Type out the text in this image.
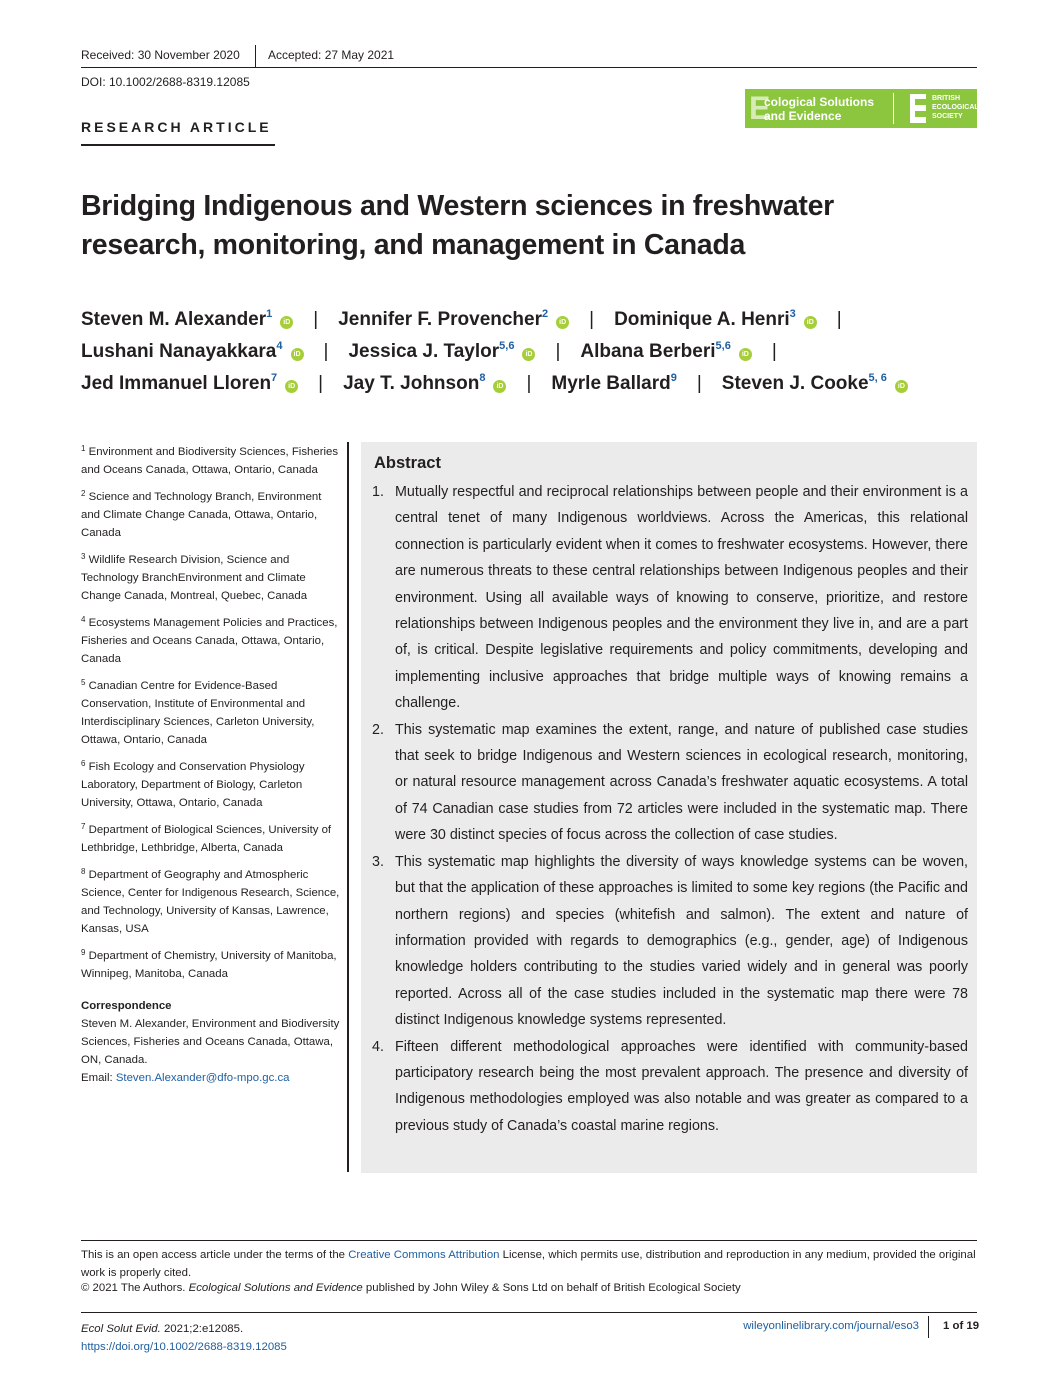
Received: 30 November 2020 Accepted: 27 May 2021
DOI: 10.1002/2688-8319.12085
RESEARCH ARTICLE
E
cological Solutions
and Evidence
BRITISH
ECOLOGICAL
SOCIETY
Bridging Indigenous and Western sciences in freshwater research, monitoring, and management in Canada
Steven M. Alexander$^1$iD | Jennifer F. Provencher$^2$iD | Dominique A. Henri$^3$iD |
Lushani Nanayakkara$^4$iD | Jessica J. Taylor$^{5,6}$iD | Albana Berberi$^{5,6}$iD |
Jed Immanuel Lloren$^7$iD | Jay T. Johnson$^8$iD | Myrle Ballard$^9$ | Steven J. Cooke$^{5, 6}$iD
$^1$ Environment and Biodiversity Sciences, Fisheries and Oceans Canada, Ottawa, Ontario, Canada
$^2$ Science and Technology Branch, Environment and Climate Change Canada, Ottawa, Ontario, Canada
$^3$ Wildlife Research Division, Science and Technology BranchEnvironment and Climate Change Canada, Montreal, Quebec, Canada
$^4$ Ecosystems Management Policies and Practices, Fisheries and Oceans Canada, Ottawa, Ontario, Canada
$^5$ Canadian Centre for Evidence-Based Conservation, Institute of Environmental and Interdisciplinary Sciences, Carleton University, Ottawa, Ontario, Canada
$^6$ Fish Ecology and Conservation Physiology Laboratory, Department of Biology, Carleton University, Ottawa, Ontario, Canada
$^7$ Department of Biological Sciences, University of Lethbridge, Lethbridge, Alberta, Canada
$^8$ Department of Geography and Atmospheric Science, Center for Indigenous Research, Science, and Technology, University of Kansas, Lawrence, Kansas, USA
$^9$ Department of Chemistry, University of Manitoba, Winnipeg, Manitoba, Canada
Correspondence
Steven M. Alexander, Environment and Biodiversity Sciences, Fisheries and Oceans Canada, Ottawa, ON, Canada.
Email: Steven.Alexander@dfo-mpo.gc.ca
Abstract
1. Mutually respectful and reciprocal relationships between people and their environment is a central tenet of many Indigenous worldviews. Across the Americas, this relational connection is particularly evident when it comes to freshwater ecosystems. However, there are numerous threats to these central relationships between Indigenous peoples and their environment. Using all available ways of knowing to conserve, prioritize, and restore relationships between Indigenous peoples and the environment they live in, and are a part of, is critical. Despite legislative requirements and policy commitments, developing and implementing inclusive approaches that bridge multiple ways of knowing remains a challenge.
2. This systematic map examines the extent, range, and nature of published case studies that seek to bridge Indigenous and Western sciences in ecological research, monitoring, or natural resource management across Canada’s freshwater aquatic ecosystems. A total of 74 Canadian case studies from 72 articles were included in the systematic map. There were 30 distinct species of focus across the collection of case studies.
3. This systematic map highlights the diversity of ways knowledge systems can be woven, but that the application of these approaches is limited to some key regions (the Pacific and northern regions) and species (whitefish and salmon). The extent and nature of information provided with regards to demographics (e.g., gender, age) of Indigenous knowledge holders contributing to the studies varied widely and in general was poorly reported. Across all of the case studies included in the systematic map there were 78 distinct Indigenous knowledge systems represented.
4. Fifteen different methodological approaches were identified with community-based participatory research being the most prevalent approach. The presence and diversity of Indigenous methodologies employed was also notable and was greater as compared to a previous study of Canada’s coastal marine regions.
This is an open access article under the terms of the Creative Commons Attribution License, which permits use, distribution and reproduction in any medium, provided the original work is properly cited.
© 2021 The Authors. Ecological Solutions and Evidence published by John Wiley & Sons Ltd on behalf of British Ecological Society
Ecol Solut Evid. 2021;2:e12085.
https://doi.org/10.1002/2688-8319.12085
wileyonlinelibrary.com/journal/eso3 1 of 19
